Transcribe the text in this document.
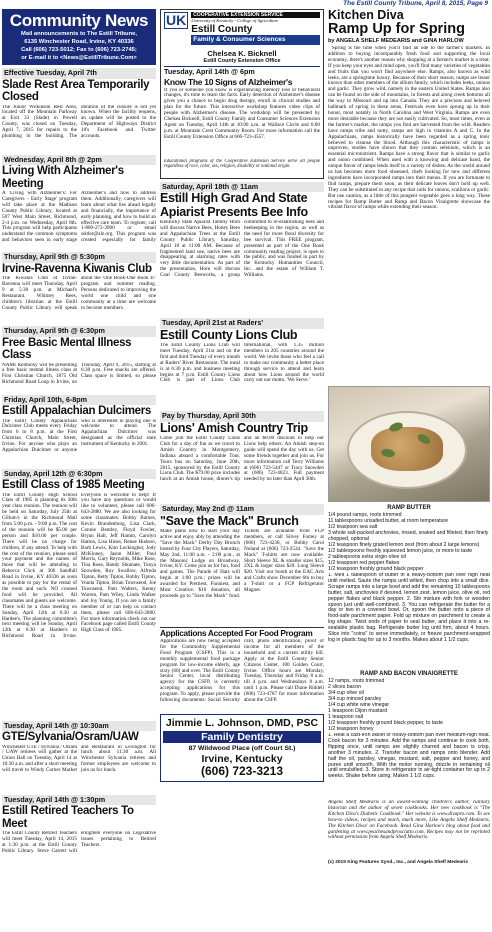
The Estill County Tribune, April 8, 2015, Page 9
Community News
Mail announcements to The Estill Tribune,
6135 Winchester Road, Irvine, KY 40336
Call (606) 723-5012; Fax to (606) 723-2745;
or E-mail it to <News@EstillTribune.Com>
Effective Tuesday, April 7th
Slade Rest Area Temporarily Closed
The Junior Wilkinson Rest Area, located off the Mountain Parkway at Exit 33 (Slade) in Powell County, was closed on Tuesday, April 7, 2015 for repairs to the plumbing in the building. The duration of the closure is not yet known. When the facility reopens, an update will be posted to the Department of Highways District 10's Facebook and Twitter accounts.
Wednesday, April 8th @ 2pm
Living With Alzheimer's Meeting
A 'Living with Alzheimer's: For Caregivers - Early Stage' program will take place at the Madison County Public Library, located at 507 West Main Street, Richmond, 2-4 p.m. on Wednesday, April 8th. This program will help participants understand the common symptoms and behaviors seen in early stage Alzheimer's and how to address them. Additionally, caregivers will learn about what lies ahead legally and financially, the importance of early planning, and how to build an effective care team. To register, call 1-800-272-3900 or email ssitler@alz.org. This program was created especially for family
Thursday, April 9th @ 5:30pm
Irvine-Ravenna Kiwanis Club
The Kiwanis Club of Irvine-Ravenna will meet Thursday, April 9 at 5:30 p.m. at Michael's Restaurant. Whitney Rees, children's librarian at the Estill County Public Library will speak about the 'One Book-One Book Jr.' program and summer reading. Persons dedicated to improving the world one child and one community at a time are welcome to become members.
Thursday, April 9th @ 6:30pm
Free Basic Mental Illness Class
NAMI Kentucky will be presenting a free basic mental illness class at First Christian Church, 1875 Old Richmond Road Loop in Irvine, on Thursday, April 9, 2015, starting at 6:30 p.m. Free snacks are offered. Class space is limited, so please
Friday, April 10th, 6-8pm
Estill Appalachian Dulcimers
The Estill County Appalachian Dulcimer Club meets every Friday from 6 to 8 p.m. at the First Christian Church, Main Street, Irvine. For anyone who plays an Appalachian Dulcimer or anyone who is interested in playing one is welcome to attend. The Appalachian Dulcimer was designated as the official state instrument of Kentucky in 2001.
Sunday, April 12th @ 6:30pm
Estill Class of 1985 Meeting
The Estill County High School Class of 1985 is planning its 30th year class reunion. The reunion will be held on Saturday, July 25th at Gillum's in the Richmond Mall from 5:00 p.m. - 9:00 p.m. The cost of the reunion will be $5.00 per person and $10.00 per couple. There will be no charge for children, if any attend. To help with the cost of the reunion, please send your payment and the names of those that will be attending to Rebecca Click at 306 Sandhill Road in Irvine, KY 40336 as soon as possible to pay for the rental of the room and such. NO crossed food will be provided. All classmates and guests are welcome. There will be a class meeting on Sunday, April 12th at 6:30 at Hardee's. The planning committee's next meeting will be Sunday, April 12th at 6:30 at Hardee's to Richmond Road in Irvine. Everyone is welcome to help! If you have any questions or would like to volunteer, please call 606-643-2880. We are also looking for some classmates: Bobby Barnes, Kevin Brandenburg, Lisa Clark, Connie Bentley, Floyd Fowler, Bryan Hall, Jeff Hamm, Carolyn Hatton, Lisa Hines, Renee Hudson, Barb Lewis, Kim Lockingher, Jody McKinney, Jason Miller, Paul Morris, Gary Reynolds, Mike Rose, Tina Rose, Randy Shumate, Tonya Snowden, Roy Swallow, Alfreda Tipton, Betty Tipton, Bobby Tipton, Vonda Tipton, Brian Townsend, Joe Townsend, Pam Walters, Kenny Warren, Pam Wiley, Linda Walker and Joy Young. If you are a family member of or can help us contact them, please call 606-643-2880. For more information check out our Facebook page called Estill County High Class of 1985.
Tuesday, April 14th @ 10:30am
GTE/Sylvania/Osram/UAW
Winchester GTE / Sylvania / Osram / UAW retirees will gather at the Union Hall on Tuesday, April 14 at 10:30 a.m. and after a short meeting will travel to Windy Corner Market and Restaurant in Lexington for lunch about 11:30 a.m. All Winchester Sylvania retirees and former employees are welcome to join us for lunch.
Tuesday, April 14th @ 1:30pm
Estill Retired Teachers To Meet
The Estill County Retired Teachers will meet Tuesday, April 14, 2015 at 1:30 p.m. at the Estill County Public Library. Steve Garrett will enlighten everyone on Legislative issues pertaining to Retired Teachers.
UK	COOPERATIVE EXTENSION SERVICE
University of Kentucky - College of Agriculture
Estill County
Family & Consumer Sciences
Chelsea K. Bicknell
Estill County Extension Office
Tuesday, April 14th @ 6pm
Know The 10 Signs of Alzheimer's
If you or someone you know is experiencing memory loss or behavioral changes, it's time to learn the facts. Early detection of Alzheimer's disease gives you a chance to begin drug therapy, enroll in clinical studies and plan for the future. This interactive workshop features video clips of people with Alzheimer's disease. The workshop will be presented by Chelsea Bicknell, Estill County Family and Consumer Sciences Extension Agent on Tuesday, April 14th at 10:00 a.m. at Wallace Circle and 6:00 p.m. at Mountain Crest Community Room. For more information call the Estill County Extension Office at 606-723-4557.
Educational programs of the Cooperative Extension Service serve all people regardless of race, color, sex, religion, disability or national origin.
Saturday, April 18th @ 11am
Estill High Grad And State Apiarist Presents Bee Info
Kentucky State Apiarist Tammy Horn will discuss Native Bees, Honey Bees and Appalachian Trees at the Estill County Public Library, Saturday, April 18 at 11:00 AM. Because of fragmented land use, native bees are disappearing at alarming rates with very little documentation. As part of the presentation, Horn will discuss Coal County Beeworks, a group committed to re-establishing bees and beekeeping in the region, as well as the need for more floral diversity for bee survival. This FREE program, presented as part of the One Book community reading project, is open to the public, and was funded in part by the Kentucky Humanities Council, Inc. and the estate of William T. Williams.
Tuesday, April 21st at Raders'
Estill County Lions Club
The Estill County Lions Club will meet Tuesday, April 21st and on the first and third Tuesday of every month at Raders' River Restaurant. The meal is at 6:30 p.m. and business meeting begins at 7 p.m. Estill County Lions Club is part of Lions Club International, with 1.35 million members in 205 countries around the world. We invite those who feel a call to make our community a better place through service to attend and learn about how Lions around the world carry out our motto, 'We Serve.'
Pay by Thursday, April 30th
Lions' Amish Country Trip
Come join the Estill County Lions Club for a day of fun as we travel to Amish Country in Montgomery, Indiana aboard a comfortable Tour. Tours bus on Saturday, June 20th, 2015, sponsored by the Estill County Lions Club. The $79.00 price includes lunch at an Amish house, dinner's tip and an $8.00 discount to help our Lions help others. An Amish step-on guide will spend the day with us. Get some friends together and join us. For more information call Terry Williams at (606) 723-5447 or Tracy Snowden at (606) 723-4023. Full payment needed by no later than April 30th.
Saturday, May 2nd @ 11am
"Save the Mack" Brunch
Make plans now to start your day active and enjoy ably by attending the "Save the Mack" Derby Day Brunch hosted by Four City Players, Saturday, May 2nd, 11:00 a.m. - 2:00 p.m., at the Masonic Lodge on Broadway, Irvine, KY. Come join us for fun, food and games. The Parade of Hats will begin at 1:00 p.m.; prizes will be awarded for Prettiest, Funniest, and Most Creative. $10 donation, all proceeds go to "Save the Mack" fund. Tickets are available from FCP members, or call Silvey Fumey at (606) 723-4238, or Bobby Carol Noland at (606) 723-2534. "Save the Mack" T-shirts are now available. Short Sleeve XL & smaller sizes $15, 2XL & larger sizes $20. Long Sleeve $20. Visit our booth at the EAC Arts and Crafts show December 6th to buy a T-shirt or a FCP Refrigerator Magnet.
Applications Accepted For Food Program
Applications are now being accepted for the Commodity Supplemental Food Program (CSFP). This is a monthly supplemental food package program for low-income elderly, age sixty (60) and over. The Estill County Senior Center, local distributing agency for the CSFP, is currently accepting applications for this program. To apply, please provide the following documents: Social Security card, photo identification, proof of income for all members of the household and a current utility bill. Apply at the Estill County Senior Citizens Center, 100 Golden Court, Irvine. Office hours are Monday, Tuesday, Thursday and Friday 8 a.m. till 4 p.m. and Wednesdays 8 a.m. until 1 p.m. Please call Diane Riddell (606) 723-4787 for more information about the CSFP.
Jimmie L. Johnson, DMD, PSC
Family Dentistry
87 Wildwood Place (off Court St.)
Irvine, Kentucky
(606) 723-3213
Kitchen Diva
Ramp Up for Spring
by ANGELA SHELF MEDEARIS and GINA HARLOW
Spring is the time when you'll find an ode to the farmer's markets. In addition to buying incomparably fresh food and supporting the local economy, there's another reason why shopping at a farmer's market is a treat: If you keep your eyes and mind open, you'll find many varieties of vegetables and fruits that you won't find anywhere else. Ramps, also known as wild leeks, are a springtime luxury. Because of their short season, ramps are lesser known than other members of the allium family, which includes leeks, onions and garlic. They grow wild, namely in the eastern United States. Ramps also can be found on the side of mountains, in forests and along creek bottoms all the way to Missouri and up into Canada. They are a precious and beloved hallmark of spring in these areas. Festivals even have sprung up in their honor, most notably in North Carolina and West Virginia. Ramps are even more desirable because they are not easily cultivated. So, most times, even at the farmer's market, the ramps you find are harvested from the wild. Readers have ramps tribe and nutty, ramps are high in vitamins A and C. In the Appalachians, ramps historically have been regarded as a spring tonic believed to cleanse the blood. Although this characteristic of ramps is unproven, studies have shown that they contain selenium, which is an essential micronutrient. Ramps have a strong flavor that is similar to garlic and onion combined. When used with a knowing and delicate hand, the unique flavor of ramps lends itself to a variety of dishes. As the world around us has becomes more food obsessed, chefs looking for new and different ingredients have incorporated ramps into their menus. If you are fortunate to find ramps, prepare them soon, as their delicate leaves don't hold up well. They can be substituted in any recipe that calls for onions, scallions or garlic. But use caution, as a little of this pungent vegetable goes a long way. These recipes for Ramp Butter and Ramp and Bacon Vinaigrette showcase the vibrant flavor of ramps while extending their season.
RAMP BUTTER
1/4 pound ramps, roots trimmed
11 tablespoons unsalted butter, at room temperature
1/2 teaspoon sea salt
3 whole salt-packed anchovies, rinsed, soaked and filleted, then finely chopped, optional
1/2 teaspoon finely grated lemon zest (from about 2 large lemons)
1/2 tablespoons freshly squeezed lemon juice, or more to taste
2 tablespoons extra virgin olive oil
1/2 teaspoon red pepper flakes
1/2 teaspoon freshly ground black pepper
1. Melt 1 tablespoon of butter in a heavy-bottom pan over high heat until melted. Saute the ramps until wilted, then chop into a small dice. Scrape ramps into a large bowl and add the remaining 10 tablespoons butter, salt, anchovies if desired, lemon zest, lemon juice, olive oil, red pepper flakes and black pepper. 2. Stir mixture with fork or wooden spoon just until well-combined. 3. You can refrigerate the butter for a day or two in a covered bowl. Or, spoon the butter onto a piece of food-safe parchment paper. Fold up mixture on parchment to create a log shape. Twist ends of paper to seal butter, and place it into a re-sealable plastic bag. Refrigerate butter log until firm, about 4 hours. Slice into "coins" to serve immediately, or freeze parchment-wrapped log in plastic bag for up to 3 months. Makes about 1 1/2 cups.
RAMP AND BACON VINAIGRETTE
12 ramps, roots trimmed
2 slices bacon
3/4 cup olive oil
3/4 cup minced parsley
1/4 cup white wine vinegar
1 teaspoon Dijon mustard
1 teaspoon salt
1/2 teaspoon freshly ground black pepper, to taste
1/2 teaspoon honey
1. Heat a cast-iron skillet or heavy-bottom pan over medium-high heat. Cook bacon for 3 minutes. Add the ramps and continue to cook both, flipping once, until ramps are slightly charred and bacon is crisp, another 3 minutes. 2. Transfer bacon and ramps onto blender. Add half the oil, parsley, vinegar, mustard, salt, pepper and honey, and puree until smooth. With the motor running, drizzle in remaining oil until emulsified. 3. Store in refrigerator in air-tight container for up to 2 weeks. Shake before using. Makes 1 1/2 cups.
Angela Shelf Medearis is an award-winning children's author, culinary historian and the author of seven cookbooks. Her new cookbook is "The Kitchen Diva's Diabetic Cookbook." Her website is www.divapro.com. To see how-to videos, recipes and much, much more, Like Angela Shelf Medearis, The Kitchen Diva! on Facebook. Read Gina Harlow's blog about food and gardening at www.peachesandprosciutto.com. Recipes may not be reprinted without permission from Angela Shelf Medearis.
(c) 2015 King Features Synd., Inc., and Angela Shelf Medearis
